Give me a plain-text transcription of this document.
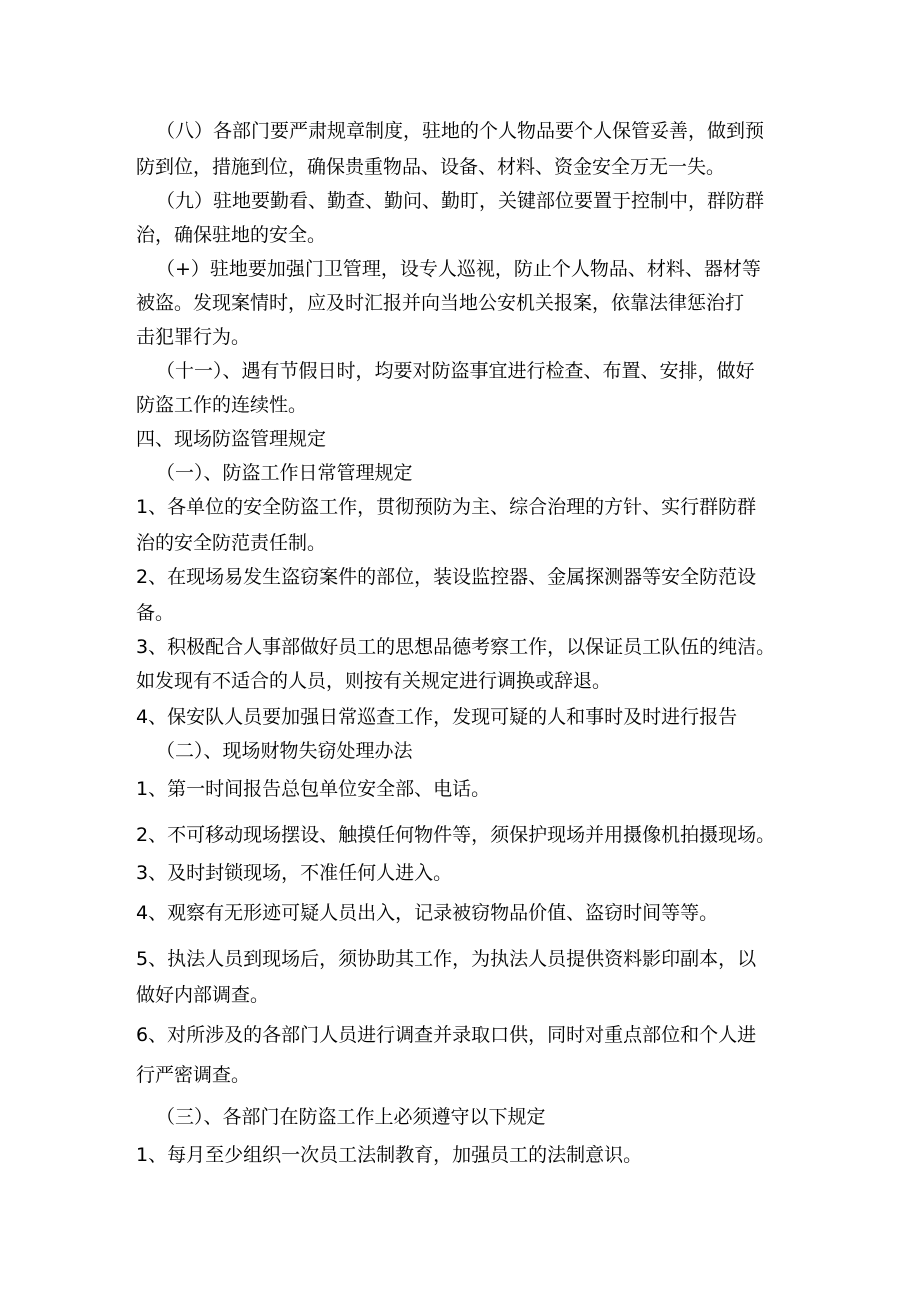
（八）各部门要严肃规章制度，驻地的个人物品要个人保管妥善，做到预
防到位，措施到位，确保贵重物品、设备、材料、资金安全万无一失。
（九）驻地要勤看、勤查、勤问、勤盯，关键部位要置于控制中，群防群
治，确保驻地的安全。
（+）驻地要加强门卫管理，设专人巡视，防止个人物品、材料、器材等
被盗。发现案情时，应及时汇报并向当地公安机关报案，依靠法律惩治打
击犯罪行为。
（十一）、遇有节假日时，均要对防盗事宜进行检查、布置、安排，做好
防盗工作的连续性。
四、现场防盗管理规定
（一）、防盗工作日常管理规定
1、各单位的安全防盗工作，贯彻预防为主、综合治理的方针、实行群防群
治的安全防范责任制。
2、在现场易发生盗窃案件的部位，装设监控器、金属探测器等安全防范设
备。
3、积极配合人事部做好员工的思想品德考察工作，以保证员工队伍的纯洁。
如发现有不适合的人员，则按有关规定进行调换或辞退。
4、保安队人员要加强日常巡查工作，发现可疑的人和事时及时进行报告
（二）、现场财物失窃处理办法
1、第一时间报告总包单位安全部、电话。
2、不可移动现场摆设、触摸任何物件等，须保护现场并用摄像机拍摄现场。
3、及时封锁现场，不准任何人进入。
4、观察有无形迹可疑人员出入，记录被窃物品价值、盗窃时间等等。
5、执法人员到现场后，须协助其工作，为执法人员提供资料影印副本，以
做好内部调查。
6、对所涉及的各部门人员进行调查并录取口供，同时对重点部位和个人进
行严密调查。
（三）、各部门在防盗工作上必须遵守以下规定
1、每月至少组织一次员工法制教育，加强员工的法制意识。
